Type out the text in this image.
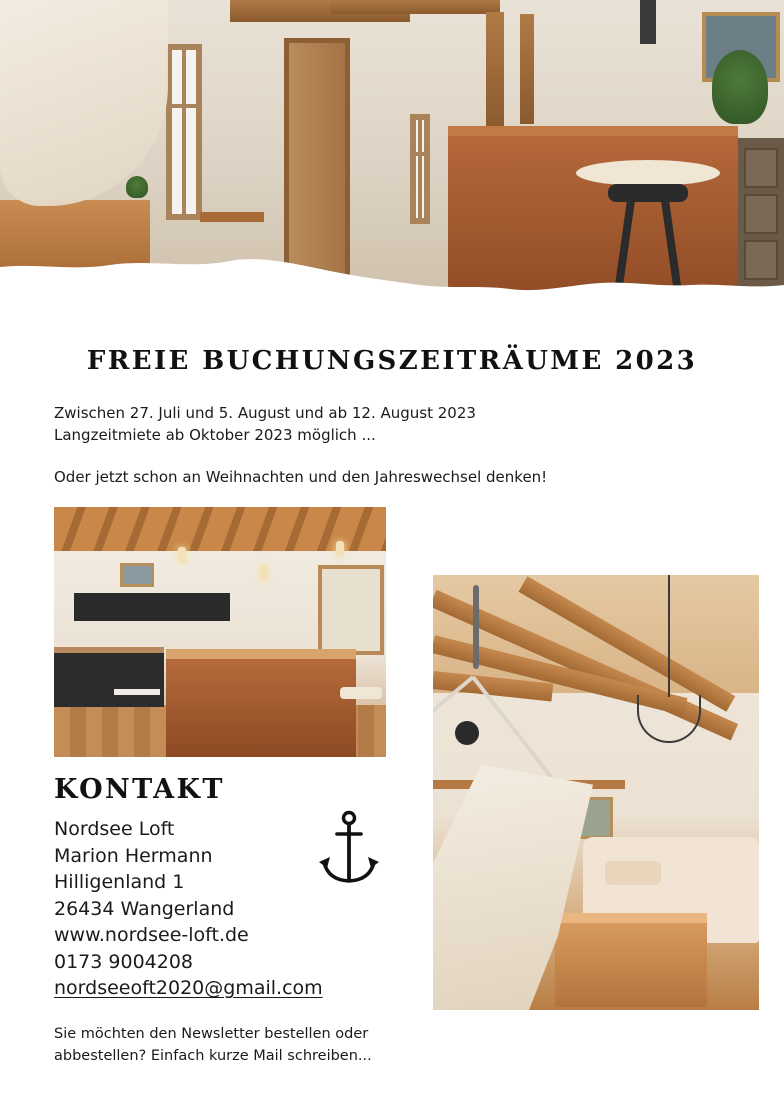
FREIE BUCHUNGSZEITRÄUME 2023

Zwischen 27. Juli und 5. August und ab 12. August 2023

Langzeitmiete ab Oktober 2023 möglich ...

Oder jetzt schon an Weihnachten und den Jahreswechsel denken!

KONTAKT
Nordsee Loft
Marion Hermann
Hilligenland 1
26434 Wangerland
www.nordsee-loft.de
0173 9004208
nordseeoft2020@gmail.com
Sie möchten den Newsletter bestellen oder
abbestellen? Einfach kurze Mail schreiben...
